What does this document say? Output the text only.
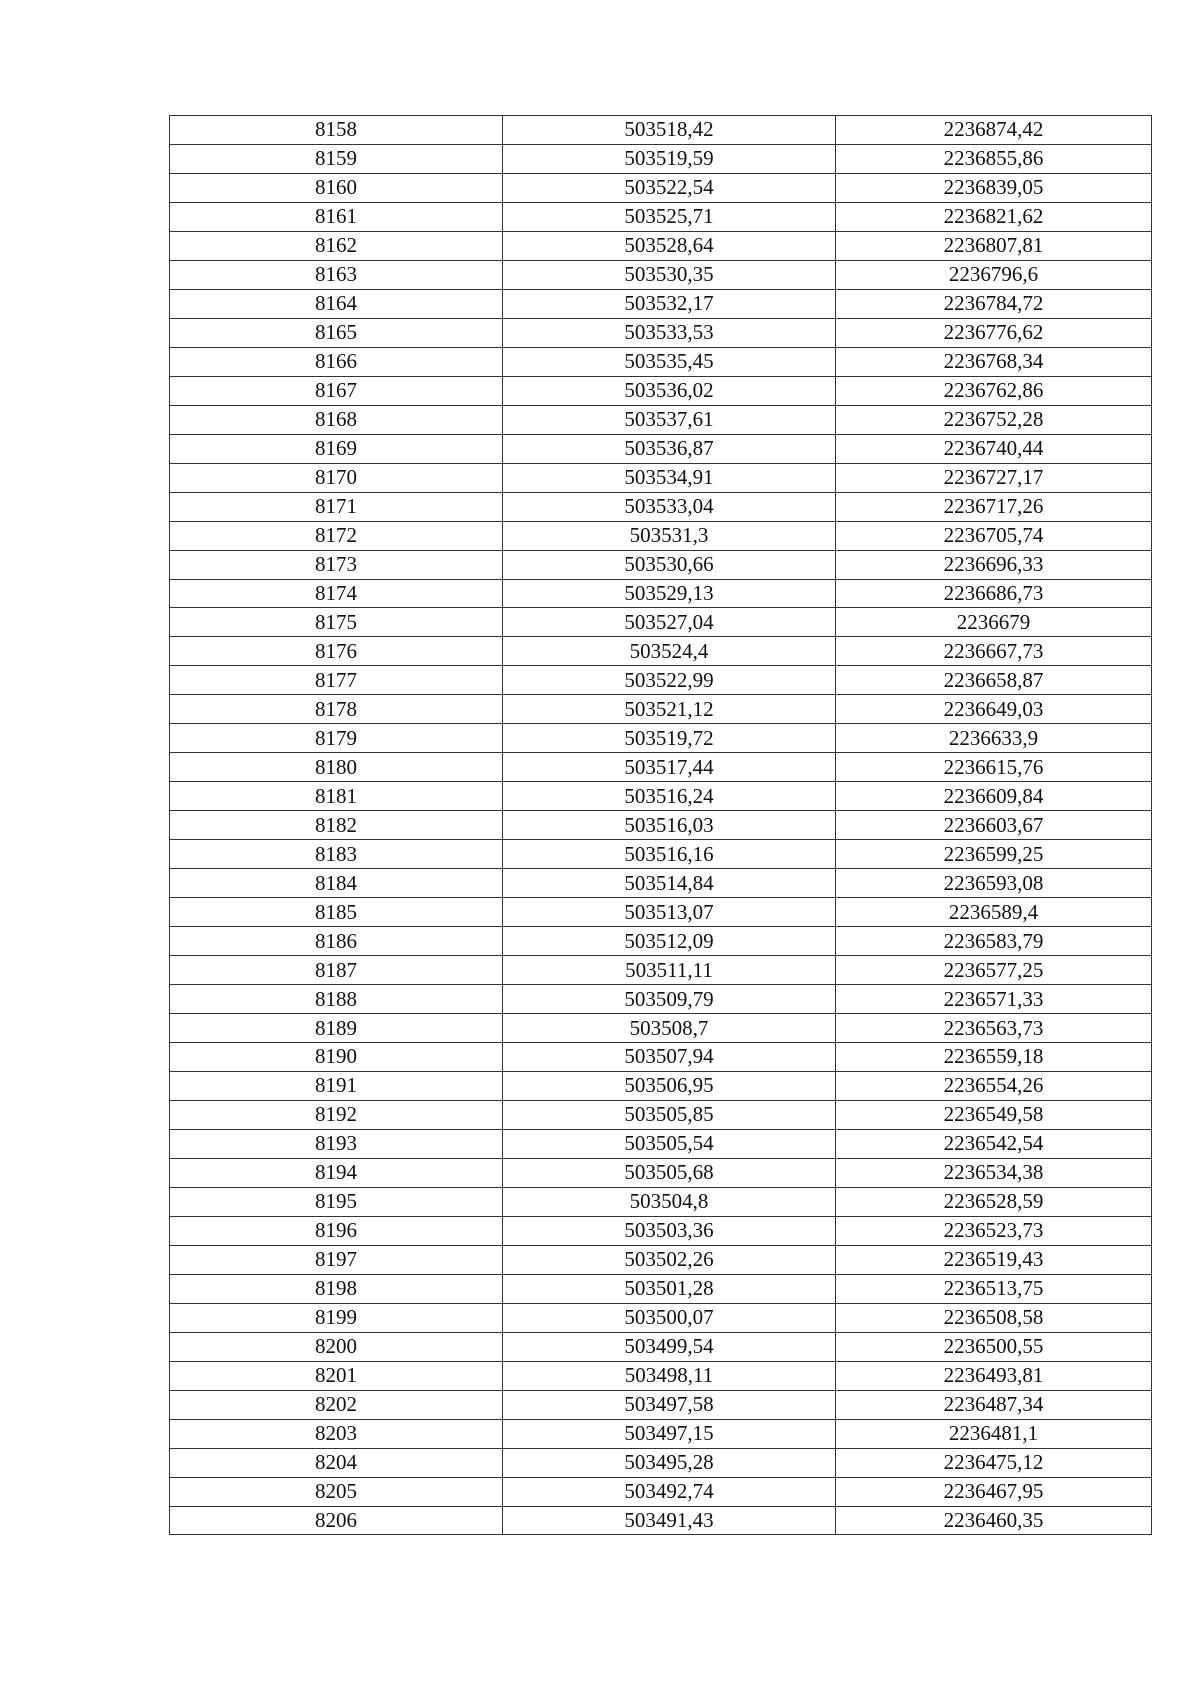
8158	503518,42	2236874,42
8159	503519,59	2236855,86
8160	503522,54	2236839,05
8161	503525,71	2236821,62
8162	503528,64	2236807,81
8163	503530,35	2236796,6
8164	503532,17	2236784,72
8165	503533,53	2236776,62
8166	503535,45	2236768,34
8167	503536,02	2236762,86
8168	503537,61	2236752,28
8169	503536,87	2236740,44
8170	503534,91	2236727,17
8171	503533,04	2236717,26
8172	503531,3	2236705,74
8173	503530,66	2236696,33
8174	503529,13	2236686,73
8175	503527,04	2236679
8176	503524,4	2236667,73
8177	503522,99	2236658,87
8178	503521,12	2236649,03
8179	503519,72	2236633,9
8180	503517,44	2236615,76
8181	503516,24	2236609,84
8182	503516,03	2236603,67
8183	503516,16	2236599,25
8184	503514,84	2236593,08
8185	503513,07	2236589,4
8186	503512,09	2236583,79
8187	503511,11	2236577,25
8188	503509,79	2236571,33
8189	503508,7	2236563,73
8190	503507,94	2236559,18
8191	503506,95	2236554,26
8192	503505,85	2236549,58
8193	503505,54	2236542,54
8194	503505,68	2236534,38
8195	503504,8	2236528,59
8196	503503,36	2236523,73
8197	503502,26	2236519,43
8198	503501,28	2236513,75
8199	503500,07	2236508,58
8200	503499,54	2236500,55
8201	503498,11	2236493,81
8202	503497,58	2236487,34
8203	503497,15	2236481,1
8204	503495,28	2236475,12
8205	503492,74	2236467,95
8206	503491,43	2236460,35
